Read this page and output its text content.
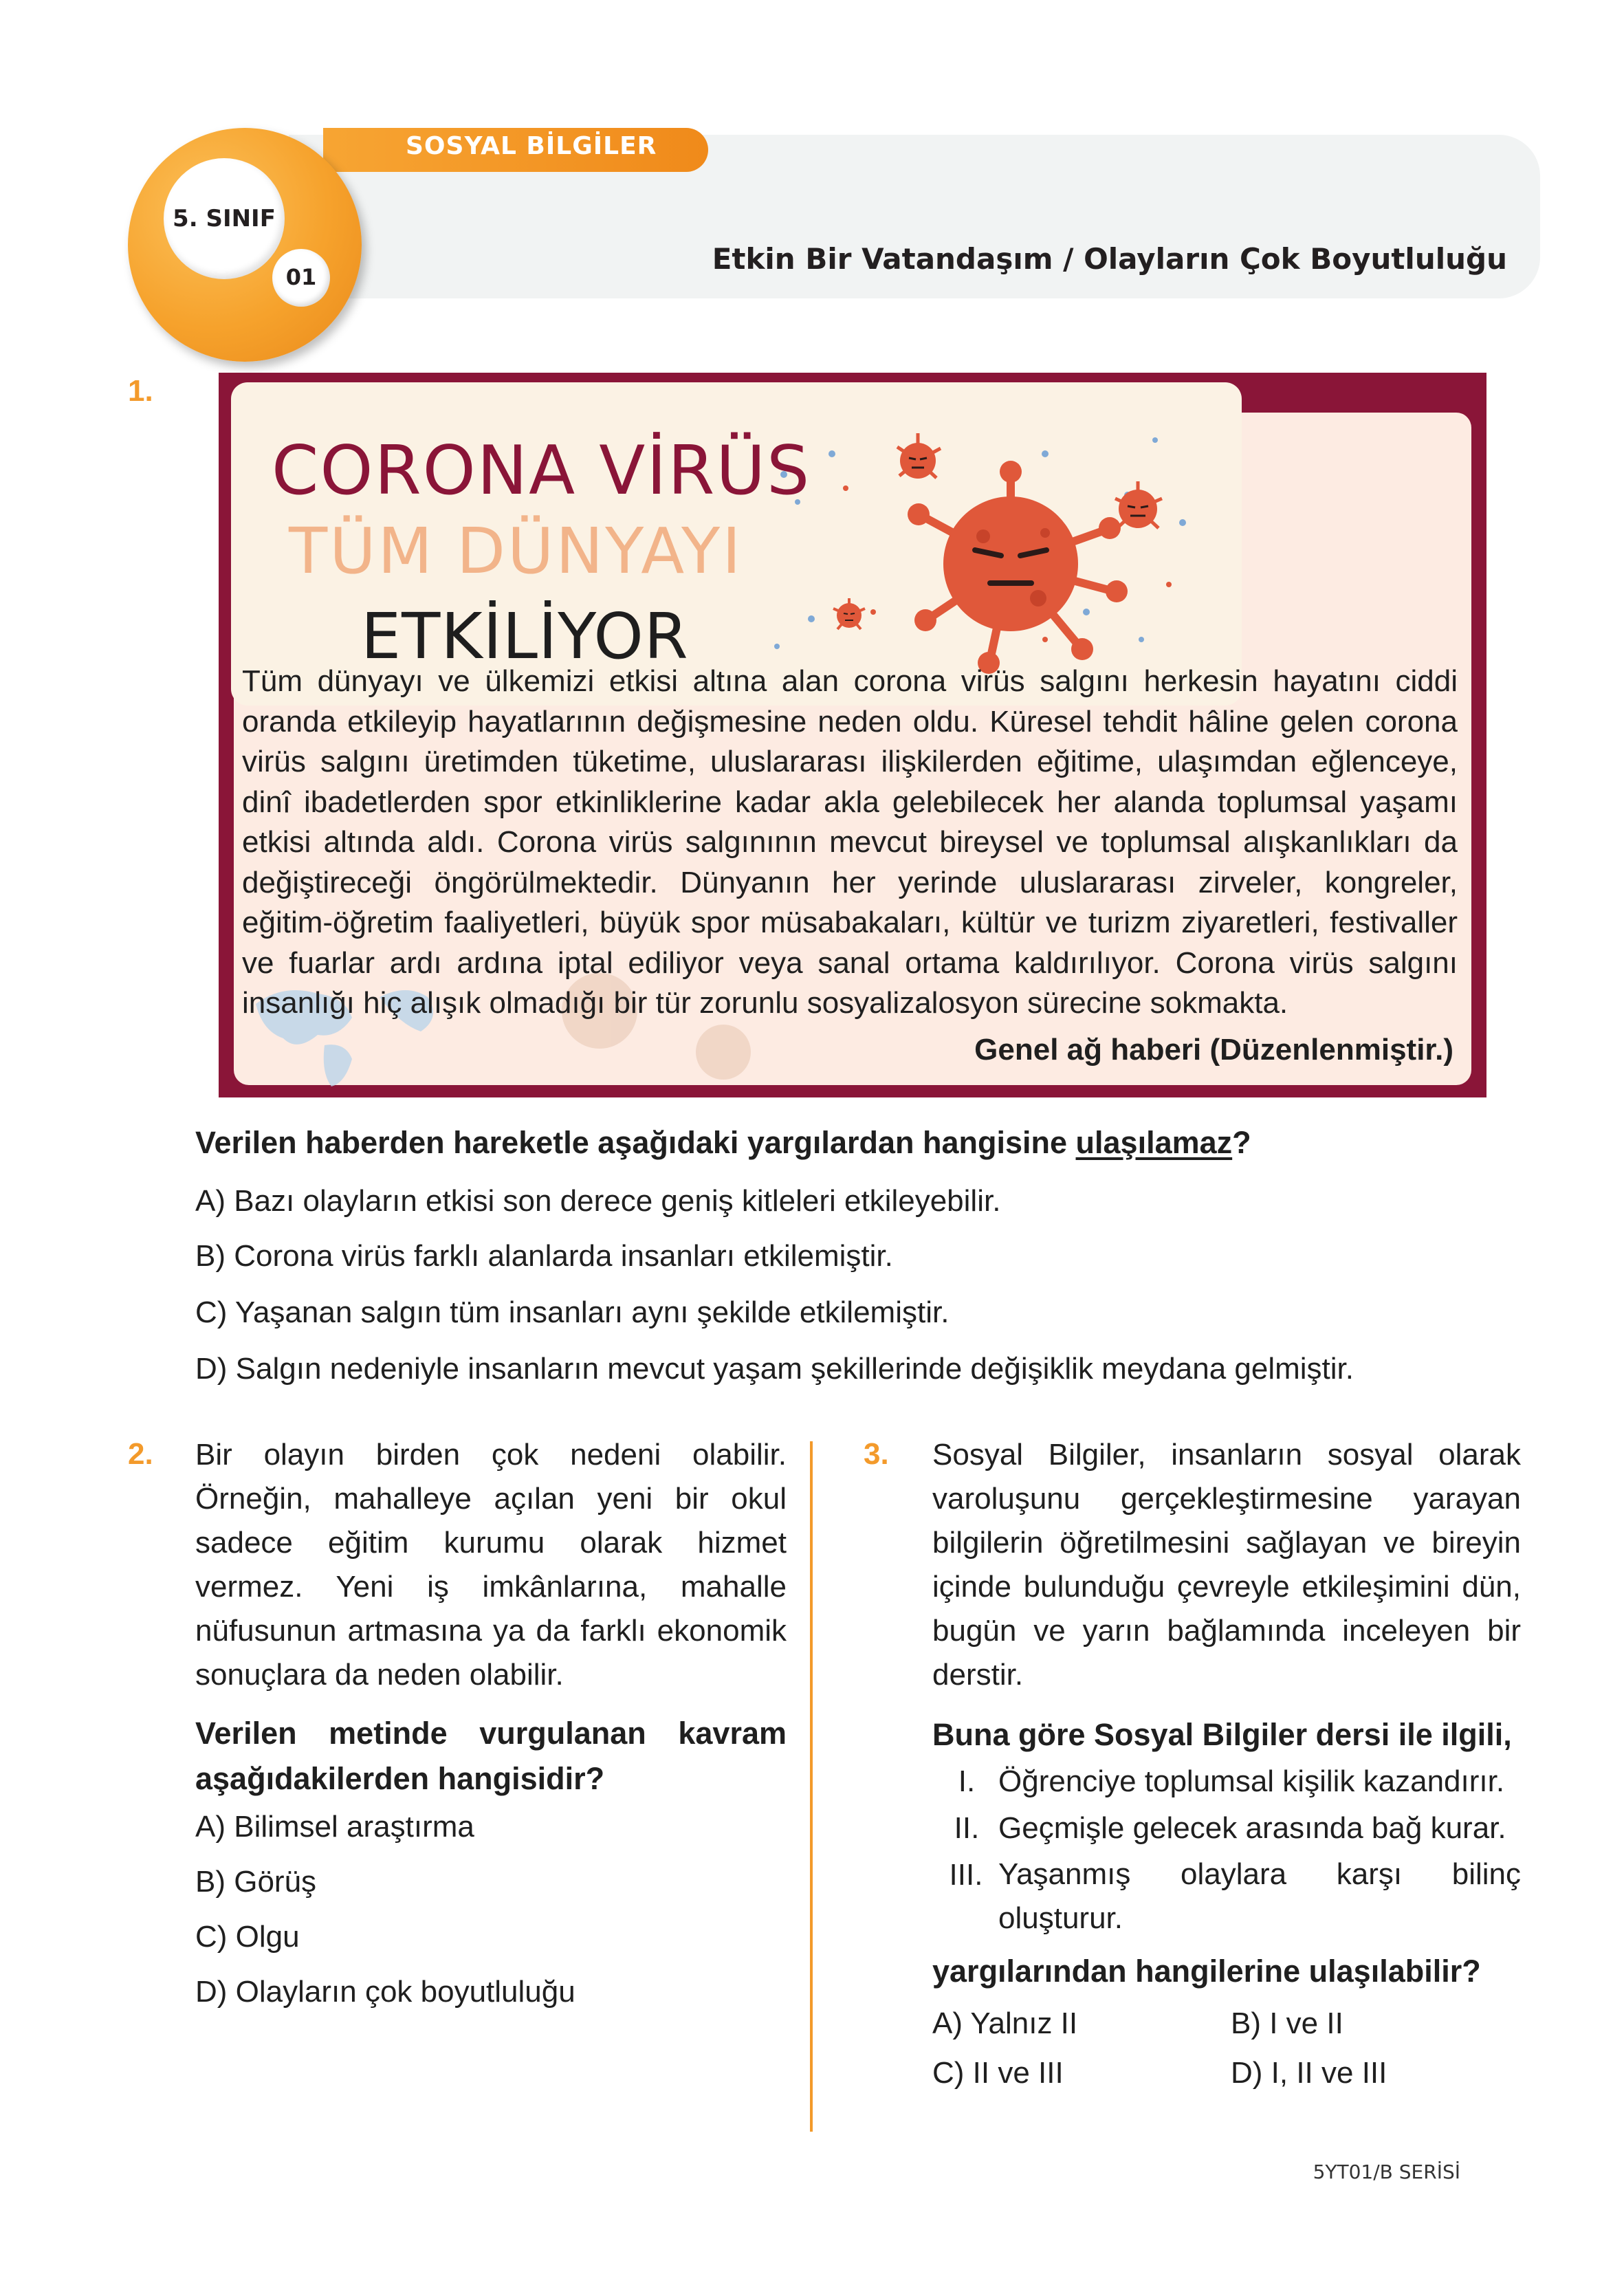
SOSYAL BİLGİLER
5. SINIF
01
Etkin Bir Vatandaşım / Olayların Çok Boyutluluğu
1.
CORONA VİRÜS
TÜM DÜNYAYI
ETKİLİYOR
Tüm dünyayı ve ülkemizi etkisi altına alan corona virüs salgını herkesin hayatını ciddi oranda etkileyip hayatlarının değişmesine neden oldu. Küresel tehdit hâline gelen corona virüs salgını üretimden tüketime, uluslararası ilişkilerden eğitime, ulaşımdan eğlenceye, dinî ibadetlerden spor etkinliklerine kadar akla gelebilecek her alanda toplumsal yaşamı etkisi altında aldı. Corona virüs salgınının mevcut bireysel ve toplumsal alışkanlıkları da değiştireceği öngörülmektedir. Dünyanın her yerinde uluslararası zirveler, kongreler, eğitim-öğretim faaliyetleri, büyük spor müsabakaları, kültür ve turizm ziyaretleri, festivaller ve fuarlar ardı ardına iptal ediliyor veya sanal ortama kaldırılıyor. Corona virüs salgını insanlığı hiç alışık olmadığı bir tür zorunlu sosyalizalosyon sürecine sokmakta.
Genel ağ haberi (Düzenlenmiştir.)
Verilen haberden hareketle aşağıdaki yargılardan hangisine ulaşılamaz?
A) Bazı olayların etkisi son derece geniş kitleleri etkileyebilir.
B) Corona virüs farklı alanlarda insanları etkilemiştir.
C) Yaşanan salgın tüm insanları aynı şekilde etkilemiştir.
D) Salgın nedeniyle insanların mevcut yaşam şekillerinde değişiklik meydana gelmiştir.
2. Bir olayın birden çok nedeni olabilir. Örneğin, mahalleye açılan yeni bir okul sadece eğitim kurumu olarak hizmet vermez. Yeni iş imkânlarına, mahalle nüfusunun artmasına ya da farklı ekonomik sonuçlara da neden olabilir.
Verilen metinde vurgulanan kavram aşağıdakilerden hangisidir?
A) Bilimsel araştırma
B) Görüş
C) Olgu
D) Olayların çok boyutluluğu
3. Sosyal Bilgiler, insanların sosyal olarak varoluşunu gerçekleştirmesine yarayan bilgilerin öğretilmesini sağlayan ve bireyin içinde bulunduğu çevreyle etkileşimini dün, bugün ve yarın bağlamında inceleyen bir derstir.
Buna göre Sosyal Bilgiler dersi ile ilgili,
I. Öğrenciye toplumsal kişilik kazandırır.
II. Geçmişle gelecek arasında bağ kurar.
III. Yaşanmış olaylara karşı bilinç oluşturur.
yargılarından hangilerine ulaşılabilir?
A) Yalnız II	B) I ve II
C) II ve III	D) I, II ve III
5YT01/B SERİSİ
